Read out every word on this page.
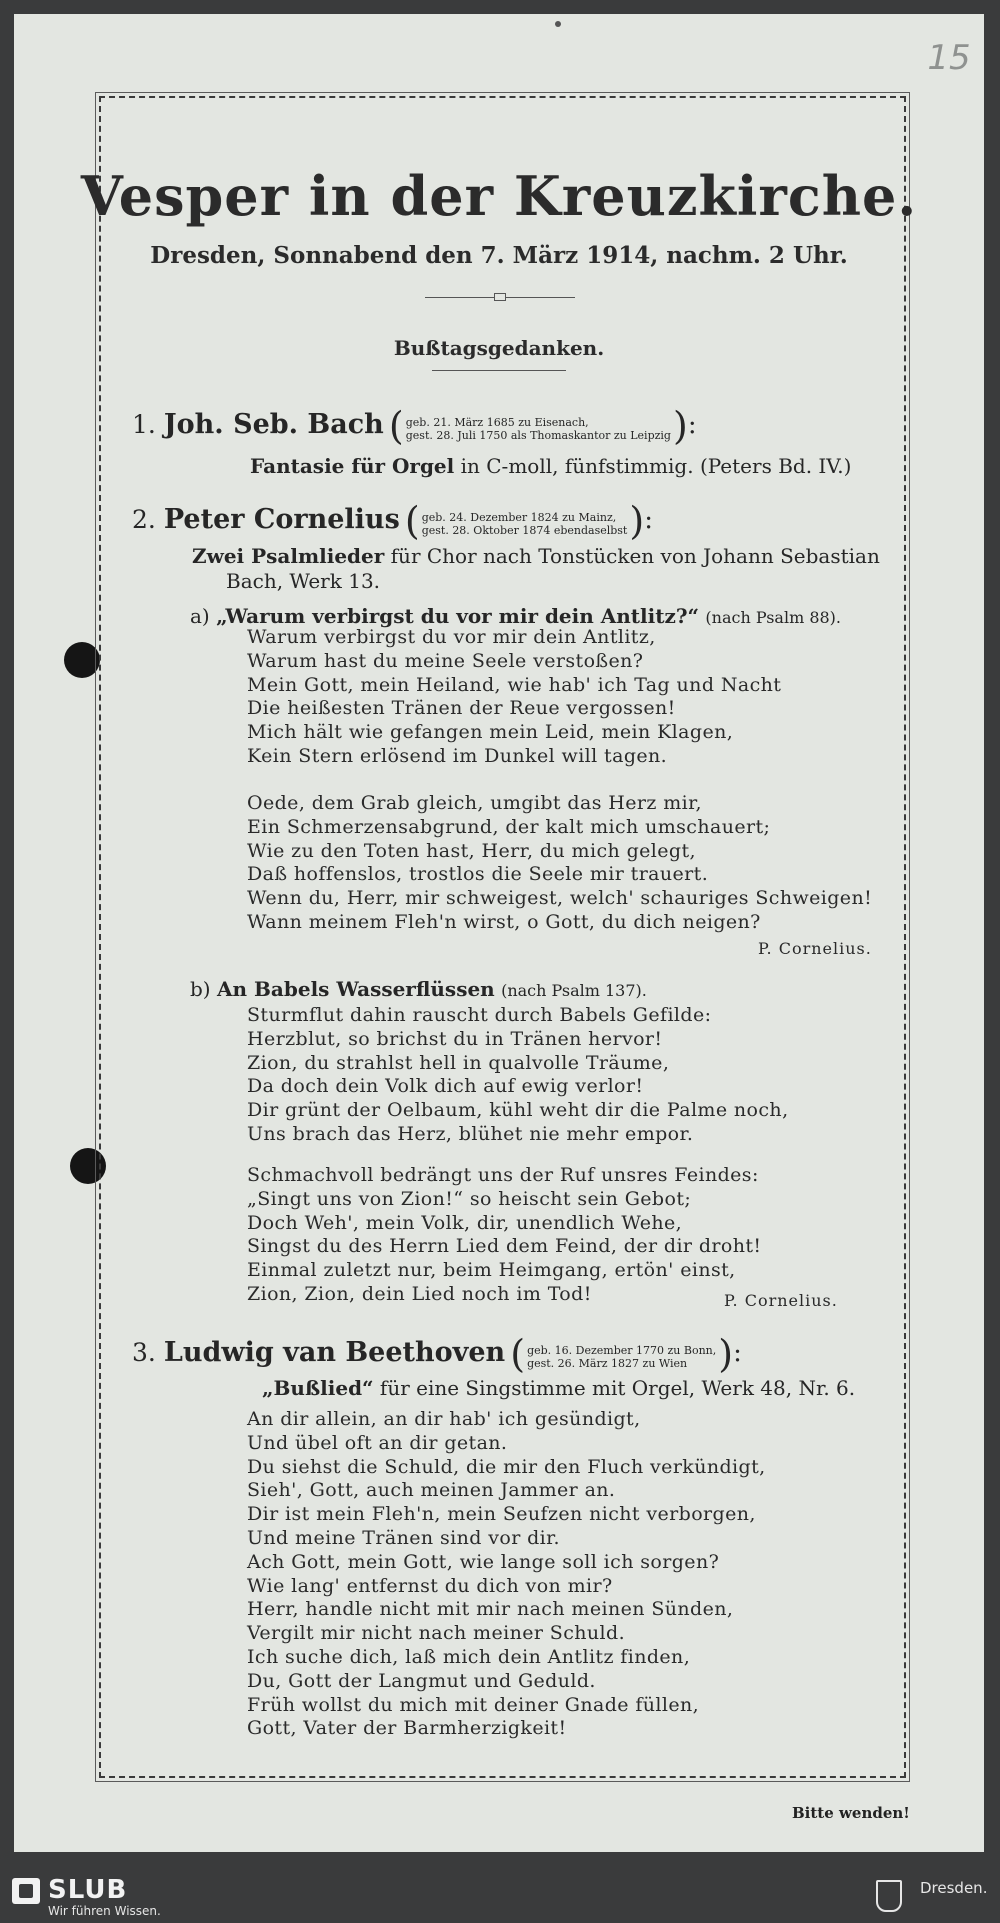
15
Vesper in der Kreuzkirche.
Dresden, Sonnabend den 7. März 1914, nachm. 2 Uhr.
Bußtagsgedanken.
1. Joh. Seb. Bach ( geb. 21. März 1685 zu Eisenach,
gest. 28. Juli 1750 als Thomaskantor zu Leipzig):
Fantasie für Orgel in C-moll, fünfstimmig. (Peters Bd. IV.)
2. Peter Cornelius ( geb. 24. Dezember 1824 zu Mainz,
gest. 28. Oktober 1874 ebendaselbst):
Zwei Psalmlieder für Chor nach Tonstücken von Johann Sebastian
Bach, Werk 13.
a) „Warum verbirgst du vor mir dein Antlitz?“ (nach Psalm 88).
Warum verbirgst du vor mir dein Antlitz,
Warum hast du meine Seele verstoßen?
Mein Gott, mein Heiland, wie hab' ich Tag und Nacht
Die heißesten Tränen der Reue vergossen!
Mich hält wie gefangen mein Leid, mein Klagen,
Kein Stern erlösend im Dunkel will tagen.
Oede, dem Grab gleich, umgibt das Herz mir,
Ein Schmerzensabgrund, der kalt mich umschauert;
Wie zu den Toten hast, Herr, du mich gelegt,
Daß hoffenslos, trostlos die Seele mir trauert.
Wenn du, Herr, mir schweigest, welch' schauriges Schweigen!
Wann meinem Fleh'n wirst, o Gott, du dich neigen?
P. Cornelius.
b) An Babels Wasserflüssen (nach Psalm 137).
Sturmflut dahin rauscht durch Babels Gefilde:
Herzblut, so brichst du in Tränen hervor!
Zion, du strahlst hell in qualvolle Träume,
Da doch dein Volk dich auf ewig verlor!
Dir grünt der Oelbaum, kühl weht dir die Palme noch,
Uns brach das Herz, blühet nie mehr empor.
Schmachvoll bedrängt uns der Ruf unsres Feindes:
„Singt uns von Zion!“ so heischt sein Gebot;
Doch Weh', mein Volk, dir, unendlich Wehe,
Singst du des Herrn Lied dem Feind, der dir droht!
Einmal zuletzt nur, beim Heimgang, ertön' einst,
Zion, Zion, dein Lied noch im Tod!	P. Cornelius.
3. Ludwig van Beethoven ( geb. 16. Dezember 1770 zu Bonn,
gest. 26. März 1827 zu Wien ):
„Bußlied“ für eine Singstimme mit Orgel, Werk 48, Nr. 6.
An dir allein, an dir hab' ich gesündigt,
Und übel oft an dir getan.
Du siehst die Schuld, die mir den Fluch verkündigt,
Sieh', Gott, auch meinen Jammer an.
Dir ist mein Fleh'n, mein Seufzen nicht verborgen,
Und meine Tränen sind vor dir.
Ach Gott, mein Gott, wie lange soll ich sorgen?
Wie lang' entfernst du dich von mir?
Herr, handle nicht mit mir nach meinen Sünden,
Vergilt mir nicht nach meiner Schuld.
Ich suche dich, laß mich dein Antlitz finden,
Du, Gott der Langmut und Geduld.
Früh wollst du mich mit deiner Gnade füllen,
Gott, Vater der Barmherzigkeit!
Bitte wenden!
SLUB
Wir führen Wissen.
Dresden.
